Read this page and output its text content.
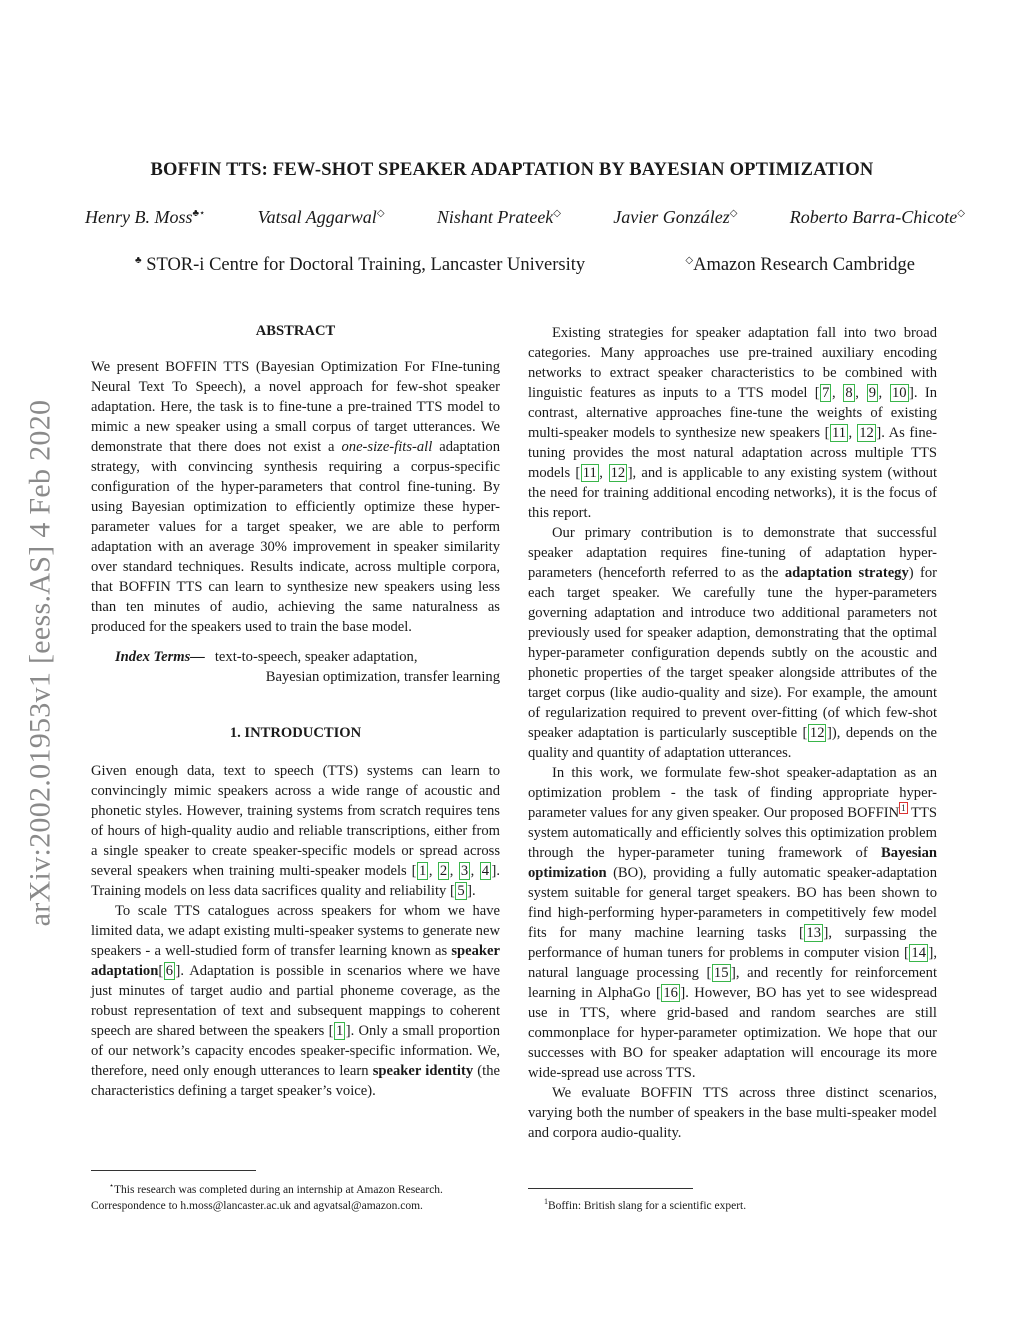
arXiv:2002.01953v1 [eess.AS] 4 Feb 2020
BOFFIN TTS: FEW-SHOT SPEAKER ADAPTATION BY BAYESIAN OPTIMIZATION
Henry B. Moss♣⋆	Vatsal Aggarwal◇	Nishant Prateek◇	Javier González◇	Roberto Barra-Chicote◇
♣ STOR-i Centre for Doctoral Training, Lancaster University	◇Amazon Research Cambridge
ABSTRACT

We present BOFFIN TTS (Bayesian Optimization For FIne-tuning Neural Text To Speech), a novel approach for few-shot speaker adaptation. Here, the task is to fine-tune a pre-trained TTS model to mimic a new speaker using a small corpus of target utterances. We demonstrate that there does not exist a one-size-fits-all adaptation strategy, with convincing synthesis requiring a corpus-specific configuration of the hyper-parameters that control fine-tuning. By using Bayesian optimization to efficiently optimize these hyper-parameter values for a target speaker, we are able to perform adaptation with an average 30% improvement in speaker similarity over standard techniques. Results indicate, across multiple corpora, that BOFFIN TTS can learn to synthesize new speakers using less than ten minutes of audio, achieving the same naturalness as produced for the speakers used to train the base model.

Index Terms— text-to-speech, speaker adaptation,
Bayesian optimization, transfer learning
1. INTRODUCTION

Given enough data, text to speech (TTS) systems can learn to convincingly mimic speakers across a wide range of acoustic and phonetic styles. However, training systems from scratch requires tens of hours of high-quality audio and reliable transcriptions, either from a single speaker to create speaker-specific models or spread across several speakers when training multi-speaker models [ 1 , 2 , 3 , 4 ]. Training models on less data sacrifices quality and reliability [ 5 ].

To scale TTS catalogues across speakers for whom we have limited data, we adapt existing multi-speaker systems to generate new speakers - a well-studied form of transfer learning known as speaker adaptation[ 6 ]. Adaptation is possible in scenarios where we have just minutes of target audio and partial phoneme coverage, as the robust representation of text and subsequent mappings to coherent speech are shared between the speakers [ 1 ]. Only a small proportion of our network’s capacity encodes speaker-specific information. We, therefore, need only enough utterances to learn speaker identity (the characteristics defining a target speaker’s voice).

Existing strategies for speaker adaptation fall into two broad categories. Many approaches use pre-trained auxiliary encoding networks to extract speaker characteristics to be combined with linguistic features as inputs to a TTS model [ 7 , 8 , 9 , 10 ]. In contrast, alternative approaches fine-tune the weights of existing multi-speaker models to synthesize new speakers [ 11 , 12 ]. As fine-tuning provides the most natural adaptation across multiple TTS models [ 11 , 12 ], and is applicable to any existing system (without the need for training additional encoding networks), it is the focus of this report.

Our primary contribution is to demonstrate that successful speaker adaptation requires fine-tuning of adaptation hyper-parameters (henceforth referred to as the adaptation strategy) for each target speaker. We carefully tune the hyper-parameters governing adaptation and introduce two additional parameters not previously used for speaker adaption, demonstrating that the optimal hyper-parameter configuration depends subtly on the acoustic and phonetic properties of the target speaker alongside attributes of the target corpus (like audio-quality and size). For example, the amount of regularization required to prevent over-fitting (of which few-shot speaker adaptation is particularly susceptible [ 12 ]), depends on the quality and quantity of adaptation utterances.

In this work, we formulate few-shot speaker-adaptation as an optimization problem - the task of finding appropriate hyper-parameter values for any given speaker. Our proposed BOFFIN $^1$ TTS system automatically and efficiently solves this optimization problem through the hyper-parameter tuning framework of Bayesian optimization (BO), providing a fully automatic speaker-adaptation system suitable for general target speakers. BO has been shown to find high-performing hyper-parameters in competitively few model fits for many machine learning tasks [ 13 ], surpassing the performance of human tuners for problems in computer vision [ 14 ], natural language processing [ 15 ], and recently for reinforcement learning in AlphaGo [ 16 ]. However, BO has yet to see widespread use in TTS, where grid-based and random searches are still commonplace for hyper-parameter optimization. We hope that our successes with BO for speaker adaptation will encourage its more wide-spread use across TTS.

We evaluate BOFFIN TTS across three distinct scenarios, varying both the number of speakers in the base multi-speaker model and corpora audio-quality.

⋆This research was completed during an internship at Amazon Research.
Correspondence to h.moss@lancaster.ac.uk and agvatsal@amazon.com.	$^1$Boffin: British slang for a scientific expert.
